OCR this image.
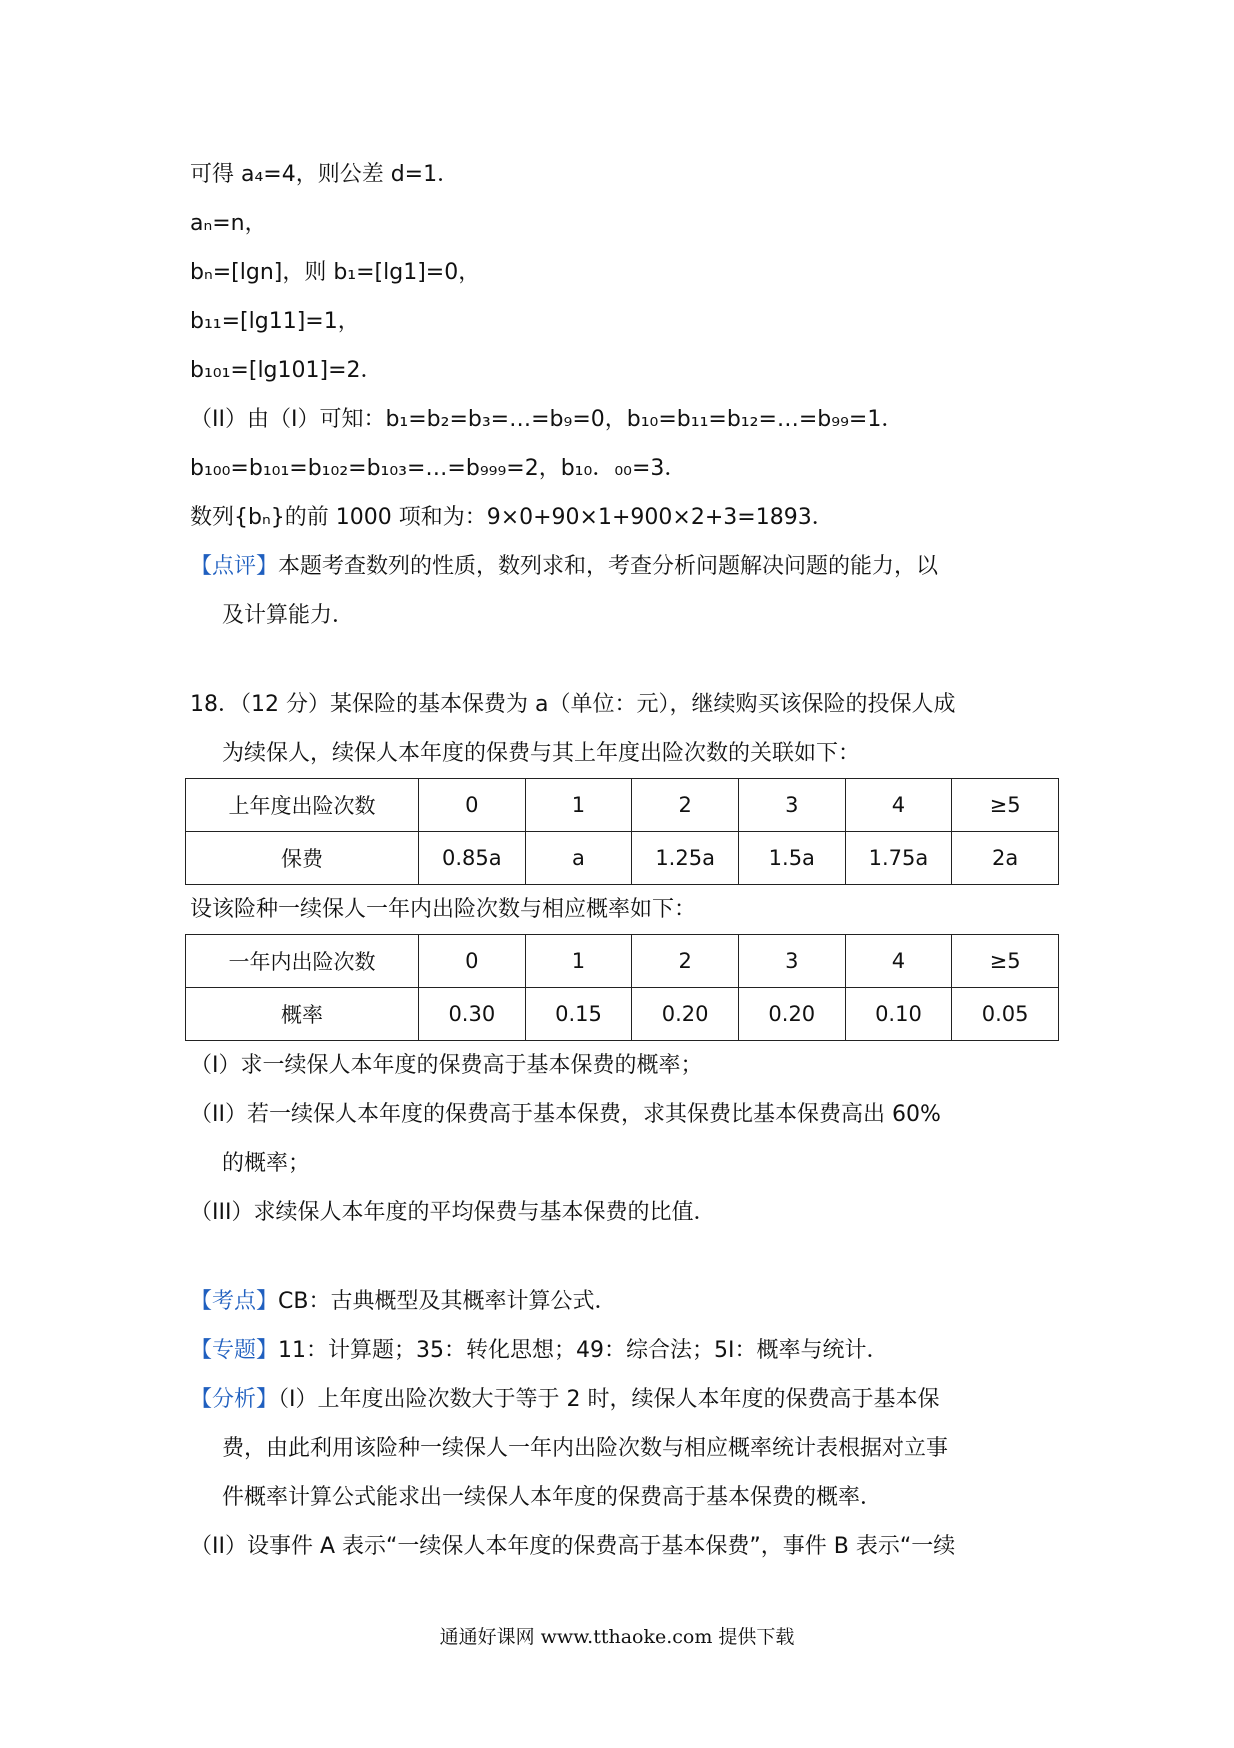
可得 a₄=4，则公差 d=1．
aₙ=n，
bₙ=[lgn]，则 b₁=[lg1]=0，
b₁₁=[lg11]=1，
b₁₀₁=[lg101]=2．
（II）由（I）可知：b₁=b₂=b₃=…=b₉=0，b₁₀=b₁₁=b₁₂=…=b₉₉=1．
b₁₀₀=b₁₀₁=b₁₀₂=b₁₀₃=…=b₉₉₉=2，b₁₀．₀₀=3．
数列{bₙ}的前 1000 项和为：9×0+90×1+900×2+3=1893．
【点评】本题考查数列的性质，数列求和，考查分析问题解决问题的能力，以
及计算能力．
18．（12 分）某保险的基本保费为 a（单位：元），继续购买该保险的投保人成
为续保人，续保人本年度的保费与其上年度出险次数的关联如下：
上年度出险次数	0	1	2	3	4	≥5
保费	0.85a	a	1.25a	1.5a	1.75a	2a
设该险种一续保人一年内出险次数与相应概率如下：
一年内出险次数	0	1	2	3	4	≥5
概率	0.30	0.15	0.20	0.20	0.10	0.05
（I）求一续保人本年度的保费高于基本保费的概率；
（II）若一续保人本年度的保费高于基本保费，求其保费比基本保费高出 60%
的概率；
（III）求续保人本年度的平均保费与基本保费的比值．
【考点】CB：古典概型及其概率计算公式．
【专题】11：计算题；35：转化思想；49：综合法；5I：概率与统计．
【分析】（I）上年度出险次数大于等于 2 时，续保人本年度的保费高于基本保
费，由此利用该险种一续保人一年内出险次数与相应概率统计表根据对立事
件概率计算公式能求出一续保人本年度的保费高于基本保费的概率．
（II）设事件 A 表示“一续保人本年度的保费高于基本保费”，事件 B 表示“一续
通通好课网 www.tthaoke.com 提供下载
